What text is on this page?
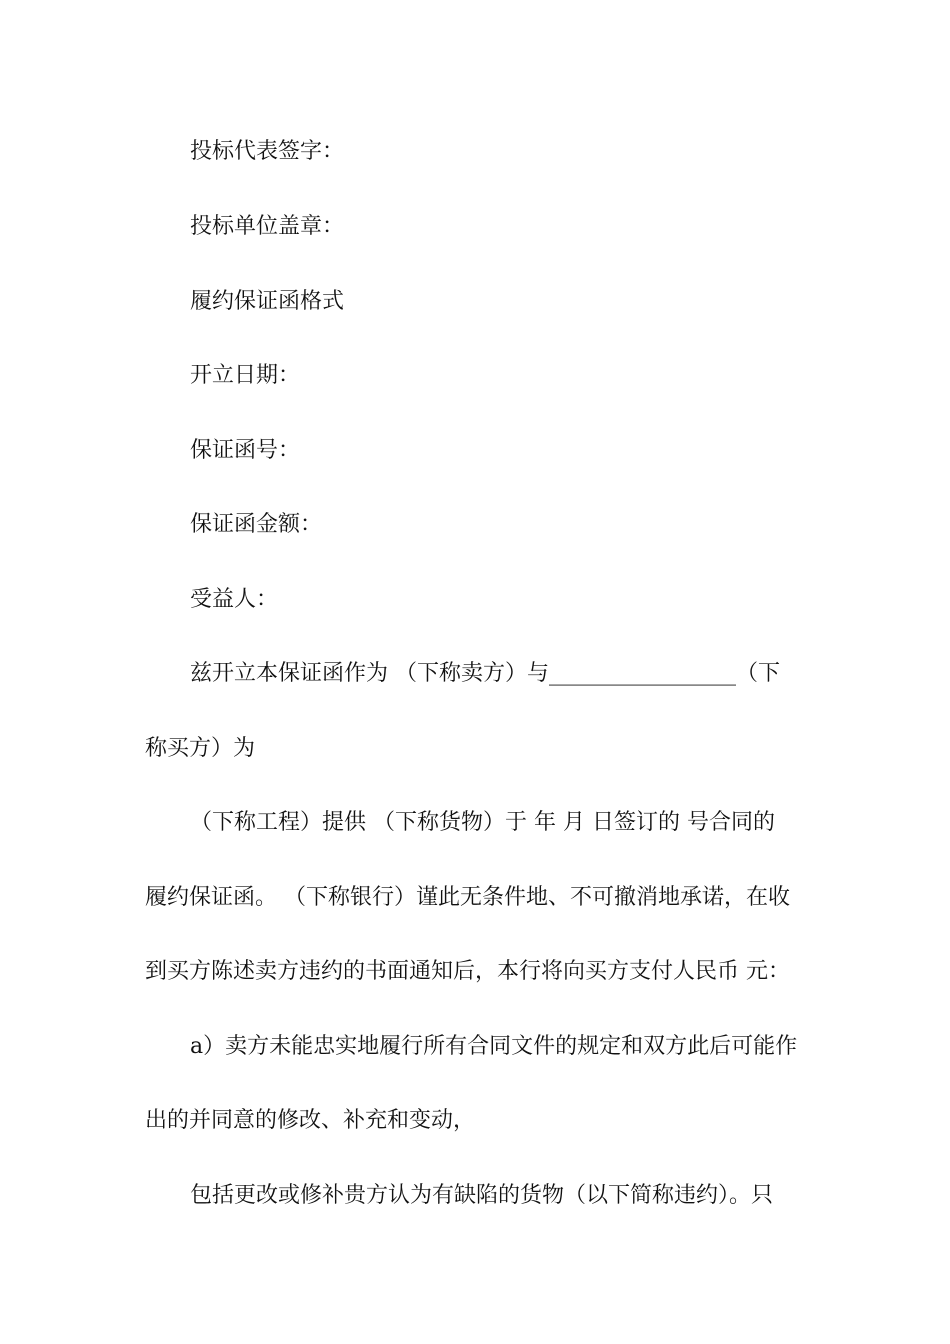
投标代表签字：
投标单位盖章：
履约保证函格式
开立日期：
保证函号：
保证函金额：
受益人：
兹开立本保证函作为 （下称卖方）与_________________（下
称买方）为
（下称工程）提供 （下称货物）于 年 月 日签订的 号合同的
履约保证函。 （下称银行）谨此无条件地、不可撤消地承诺，在收
到买方陈述卖方违约的书面通知后，本行将向买方支付人民币 元：
a）卖方未能忠实地履行所有合同文件的规定和双方此后可能作
出的并同意的修改、补充和变动，
包括更改或修补贵方认为有缺陷的货物（以下简称违约）。只
